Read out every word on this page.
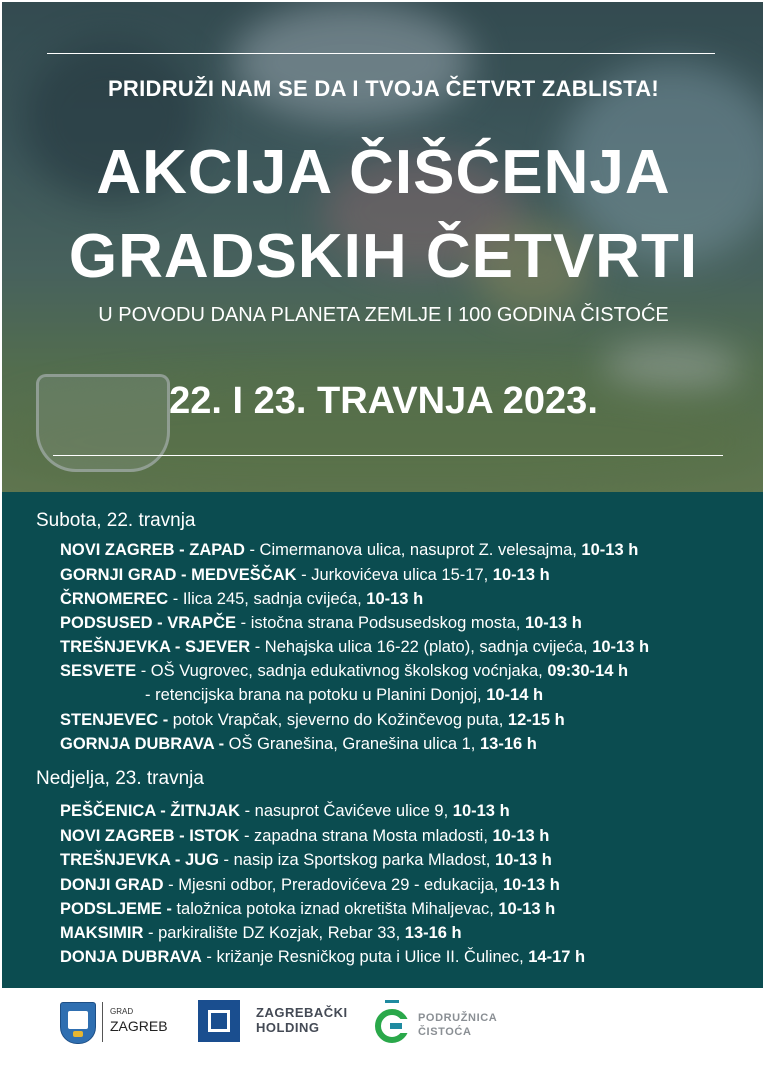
PRIDRUŽI NAM SE DA I TVOJA ČETVRT ZABLISTA!
AKCIJA ČIŠĆENJA
GRADSKIH ČETVRTI
U POVODU DANA PLANETA ZEMLJE I 100 GODINA ČISTOĆE
22. I 23. TRAVNJA 2023.
Subota, 22. travnja
NOVI ZAGREB - ZAPAD - Cimermanova ulica, nasuprot Z. velesajma, 10-13 h
GORNJI GRAD - MEDVEŠČAK - Jurkovićeva ulica 15-17, 10-13 h
ČRNOMEREC - Ilica 245, sadnja cvijeća, 10-13 h
PODSUSED - VRAPČE - istočna strana Podsusedskog mosta, 10-13 h
TREŠNJEVKA - SJEVER - Nehajska ulica 16-22 (plato), sadnja cvijeća, 10-13 h
SESVETE - OŠ Vugrovec, sadnja edukativnog školskog voćnjaka, 09:30-14 h
- retencijska brana na potoku u Planini Donjoj, 10-14 h
STENJEVEC - potok Vrapčak, sjeverno do Kožinčevog puta, 12-15 h
GORNJA DUBRAVA - OŠ Granešina, Granešina ulica 1, 13-16 h
Nedjelja, 23. travnja
PEŠČENICA - ŽITNJAK - nasuprot Čavićeve ulice 9, 10-13 h
NOVI ZAGREB - ISTOK - zapadna strana Mosta mladosti, 10-13 h
TREŠNJEVKA - JUG - nasip iza Sportskog parka Mladost, 10-13 h
DONJI GRAD - Mjesni odbor, Preradovićeva 29 - edukacija, 10-13 h
PODSLJEME - taložnica potoka iznad okretišta Mihaljevac, 10-13 h
MAKSIMIR - parkiralište DZ Kozjak, Rebar 33, 13-16 h
DONJA DUBRAVA - križanje Resničkog puta i Ulice II. Čulinec, 14-17 h
GRAD
ZAGREB
ZAGREBAČKI
HOLDING
PODRUŽNICA
ČISTOĆA
